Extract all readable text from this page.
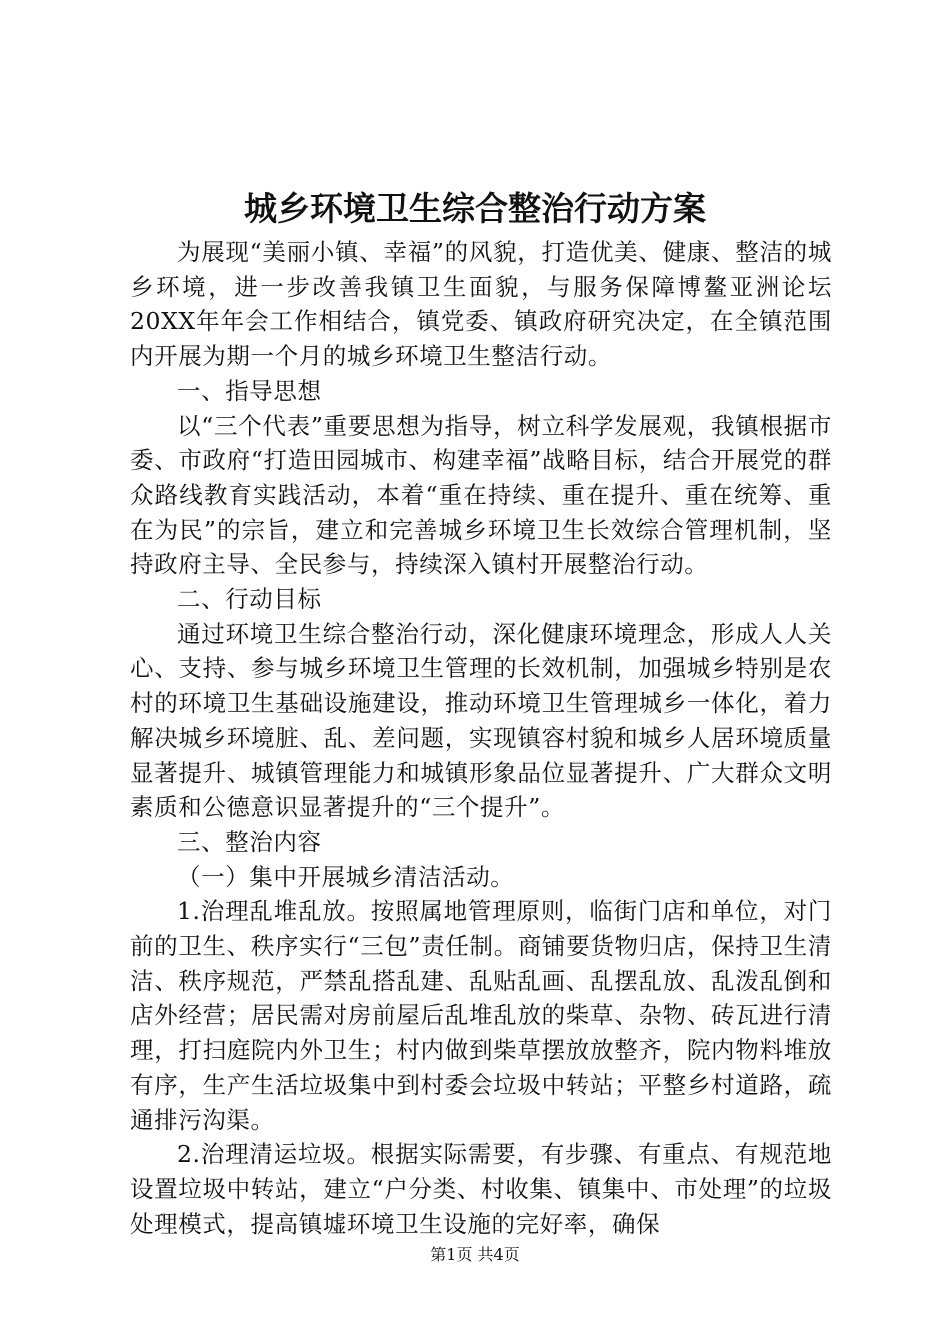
城乡环境卫生综合整治行动方案

为展现“美丽小镇、幸福”的风貌，打造优美、健康、整洁的城乡环境，进一步改善我镇卫生面貌，与服务保障博鳌亚洲论坛20XX年年会工作相结合，镇党委、镇政府研究决定，在全镇范围内开展为期一个月的城乡环境卫生整洁行动。

一、指导思想

以“三个代表”重要思想为指导，树立科学发展观，我镇根据市委、市政府“打造田园城市、构建幸福”战略目标，结合开展党的群众路线教育实践活动，本着“重在持续、重在提升、重在统筹、重在为民”的宗旨，建立和完善城乡环境卫生长效综合管理机制，坚持政府主导、全民参与，持续深入镇村开展整治行动。

二、行动目标

通过环境卫生综合整治行动，深化健康环境理念，形成人人关心、支持、参与城乡环境卫生管理的长效机制，加强城乡特别是农村的环境卫生基础设施建设，推动环境卫生管理城乡一体化，着力解决城乡环境脏、乱、差问题，实现镇容村貌和城乡人居环境质量显著提升、城镇管理能力和城镇形象品位显著提升、广大群众文明素质和公德意识显著提升的“三个提升”。

三、整治内容

（一）集中开展城乡清洁活动。

1.治理乱堆乱放。按照属地管理原则，临街门店和单位，对门前的卫生、秩序实行“三包”责任制。商铺要货物归店，保持卫生清洁、秩序规范，严禁乱搭乱建、乱贴乱画、乱摆乱放、乱泼乱倒和店外经营；居民需对房前屋后乱堆乱放的柴草、杂物、砖瓦进行清理，打扫庭院内外卫生；村内做到柴草摆放放整齐，院内物料堆放有序，生产生活垃圾集中到村委会垃圾中转站；平整乡村道路，疏通排污沟渠。

2.治理清运垃圾。根据实际需要，有步骤、有重点、有规范地设置垃圾中转站，建立“户分类、村收集、镇集中、市处理”的垃圾处理模式，提高镇墟环境卫生设施的完好率，确保

第1页 共4页
